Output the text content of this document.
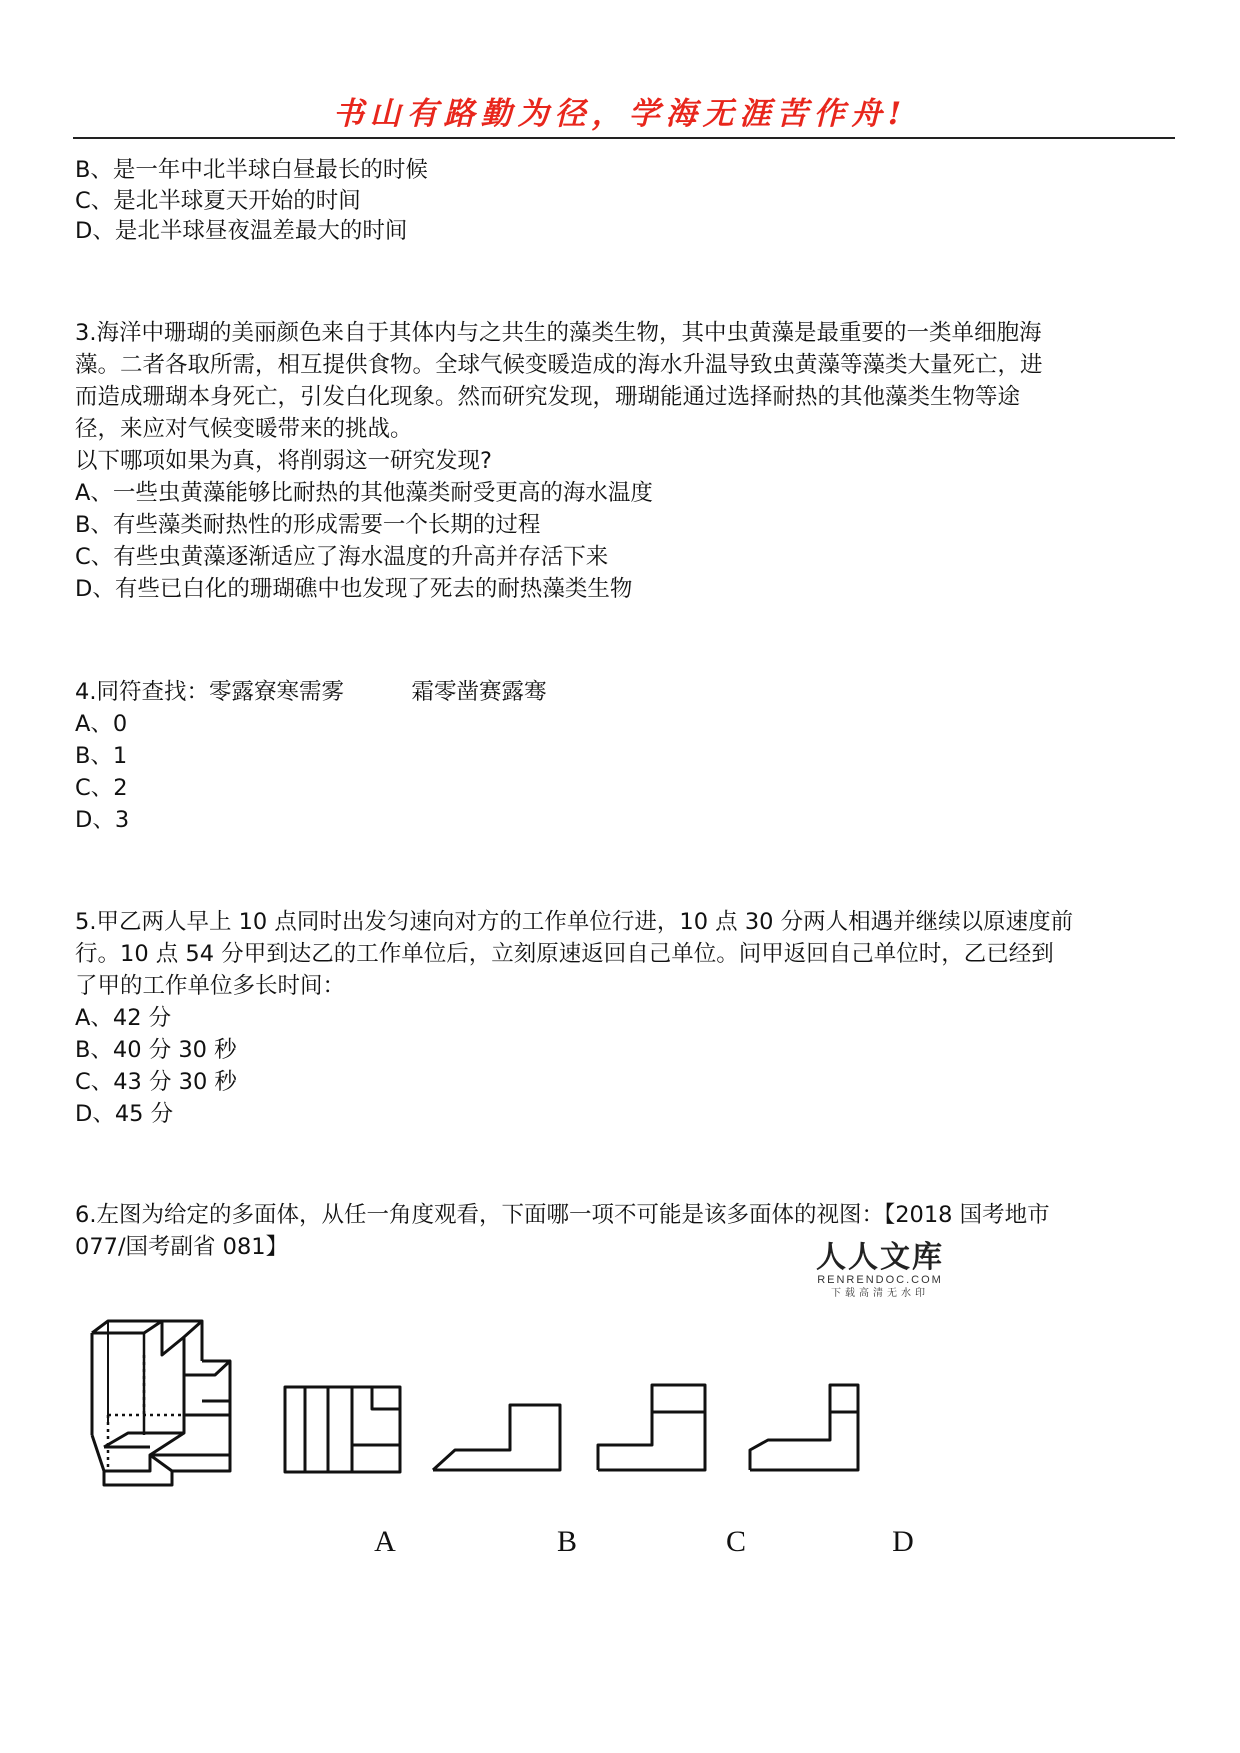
书山有路勤为径，学海无涯苦作舟!
B、是一年中北半球白昼最长的时候
C、是北半球夏天开始的时间
D、是北半球昼夜温差最大的时间
3.海洋中珊瑚的美丽颜色来自于其体内与之共生的藻类生物，其中虫黄藻是最重要的一类单细胞海
藻。二者各取所需，相互提供食物。全球气候变暖造成的海水升温导致虫黄藻等藻类大量死亡，进
而造成珊瑚本身死亡，引发白化现象。然而研究发现，珊瑚能通过选择耐热的其他藻类生物等途
径，来应对气候变暖带来的挑战。
以下哪项如果为真，将削弱这一研究发现?
A、一些虫黄藻能够比耐热的其他藻类耐受更高的海水温度
B、有些藻类耐热性的形成需要一个长期的过程
C、有些虫黄藻逐渐适应了海水温度的升高并存活下来
D、有些已白化的珊瑚礁中也发现了死去的耐热藻类生物
4.同符查找：零露寮寒需雾　　　霜零凿赛露骞
A、0
B、1
C、2
D、3
5.甲乙两人早上 10 点同时出发匀速向对方的工作单位行进，10 点 30 分两人相遇并继续以原速度前
行。10 点 54 分甲到达乙的工作单位后，立刻原速返回自己单位。问甲返回自己单位时，乙已经到
了甲的工作单位多长时间：
A、42 分
B、40 分 30 秒
C、43 分 30 秒
D、45 分
6.左图为给定的多面体，从任一角度观看，下面哪一项不可能是该多面体的视图：【2018 国考地市
077/国考副省 081】	人人文库
RENRENDOC.COM
下载高清无水印
A	B	C	D
